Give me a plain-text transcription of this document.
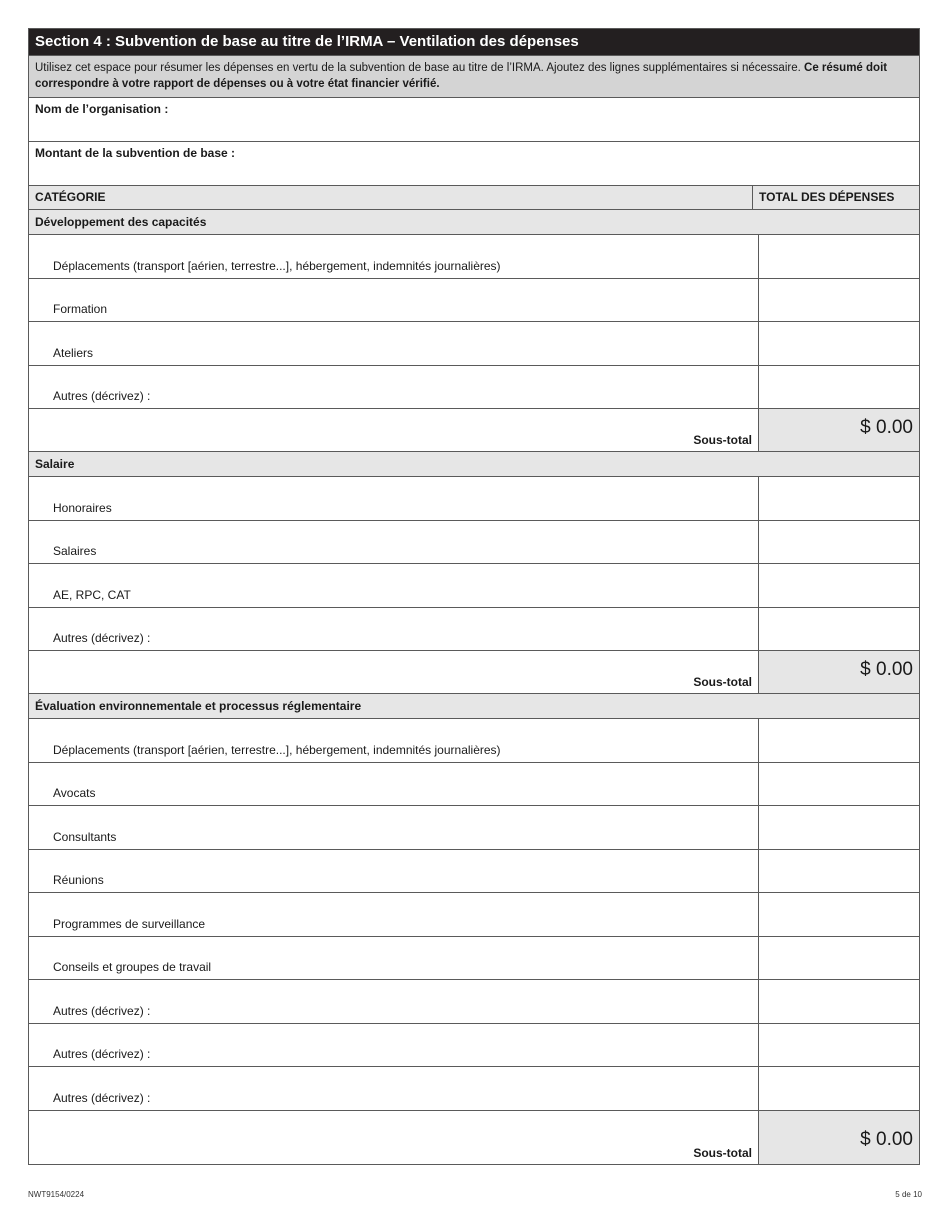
Section 4 : Subvention de base au titre de l’IRMA – Ventilation des dépenses
Utilisez cet espace pour résumer les dépenses en vertu de la subvention de base au titre de l’IRMA. Ajoutez des lignes supplémentaires si nécessaire. Ce résumé doit correspondre à votre rapport de dépenses ou à votre état financier vérifié.
Nom de l’organisation :
Montant de la subvention de base :
CATÉGORIE	TOTAL DES DÉPENSES
Développement des capacités
Déplacements (transport [aérien, terrestre...], hébergement, indemnités journalières)
Formation
Ateliers
Autres (décrivez) :
Sous-total
$ 0.00
Salaire
Honoraires
Salaires
AE, RPC, CAT
Autres (décrivez) :
Sous-total
$ 0.00
Évaluation environnementale et processus réglementaire
Déplacements (transport [aérien, terrestre...], hébergement, indemnités journalières)
Avocats
Consultants
Réunions
Programmes de surveillance
Conseils et groupes de travail
Autres (décrivez) :
Autres (décrivez) :
Autres (décrivez) :
Sous-total
$ 0.00
NWT9154/0224	5 de 10
